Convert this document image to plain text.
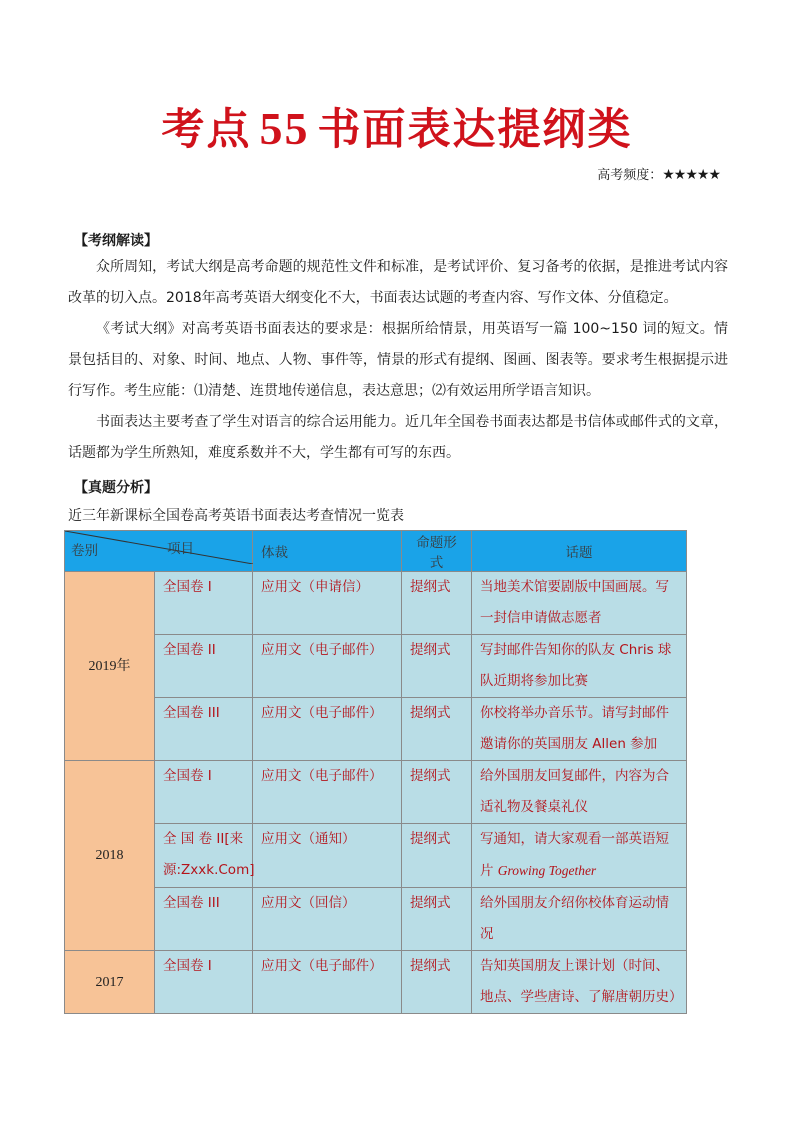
考点 55 书面表达提纲类
高考频度：★★★★★
【考纲解读】
众所周知，考试大纲是高考命题的规范性文件和标准，是考试评价、复习备考的依据，是推进考试内容改革的切入点。2018年高考英语大纲变化不大，书面表达试题的考查内容、写作文体、分值稳定。
《考试大纲》对高考英语书面表达的要求是：根据所给情景，用英语写一篇 100~150 词的短文。情景包括目的、对象、时间、地点、人物、事件等，情景的形式有提纲、图画、图表等。要求考生根据提示进行写作。考生应能：⑴清楚、连贯地传递信息，表达意思；⑵有效运用所学语言知识。
书面表达主要考查了学生对语言的综合运用能力。近几年全国卷书面表达都是书信体或邮件式的文章，话题都为学生所熟知，难度系数并不大，学生都有可写的东西。
【真题分析】
近三年新课标全国卷高考英语书面表达考查情况一览表
卷别 项目		体裁	命题形式	话题
2019年	全国卷 I	应用文（申请信）	提纲式	当地美术馆要剧版中国画展。写一封信申请做志愿者
	全国卷 II	应用文（电子邮件）	提纲式	写封邮件告知你的队友 Chris 球队近期将参加比赛
	全国卷 III	应用文（电子邮件）	提纲式	你校将举办音乐节。请写封邮件邀请你的英国朋友 Allen 参加
2018	全国卷 I	应用文（电子邮件）	提纲式	给外国朋友回复邮件，内容为合适礼物及餐桌礼仪
	全 国 卷 II[来源:Zxxk.Com]	应用文（通知）	提纲式	写通知，请大家观看一部英语短片 Growing Together
	全国卷 III	应用文（回信）	提纲式	给外国朋友介绍你校体育运动情况
2017	全国卷 I	应用文（电子邮件）	提纲式	告知英国朋友上课计划（时间、地点、学些唐诗、了解唐朝历史）
